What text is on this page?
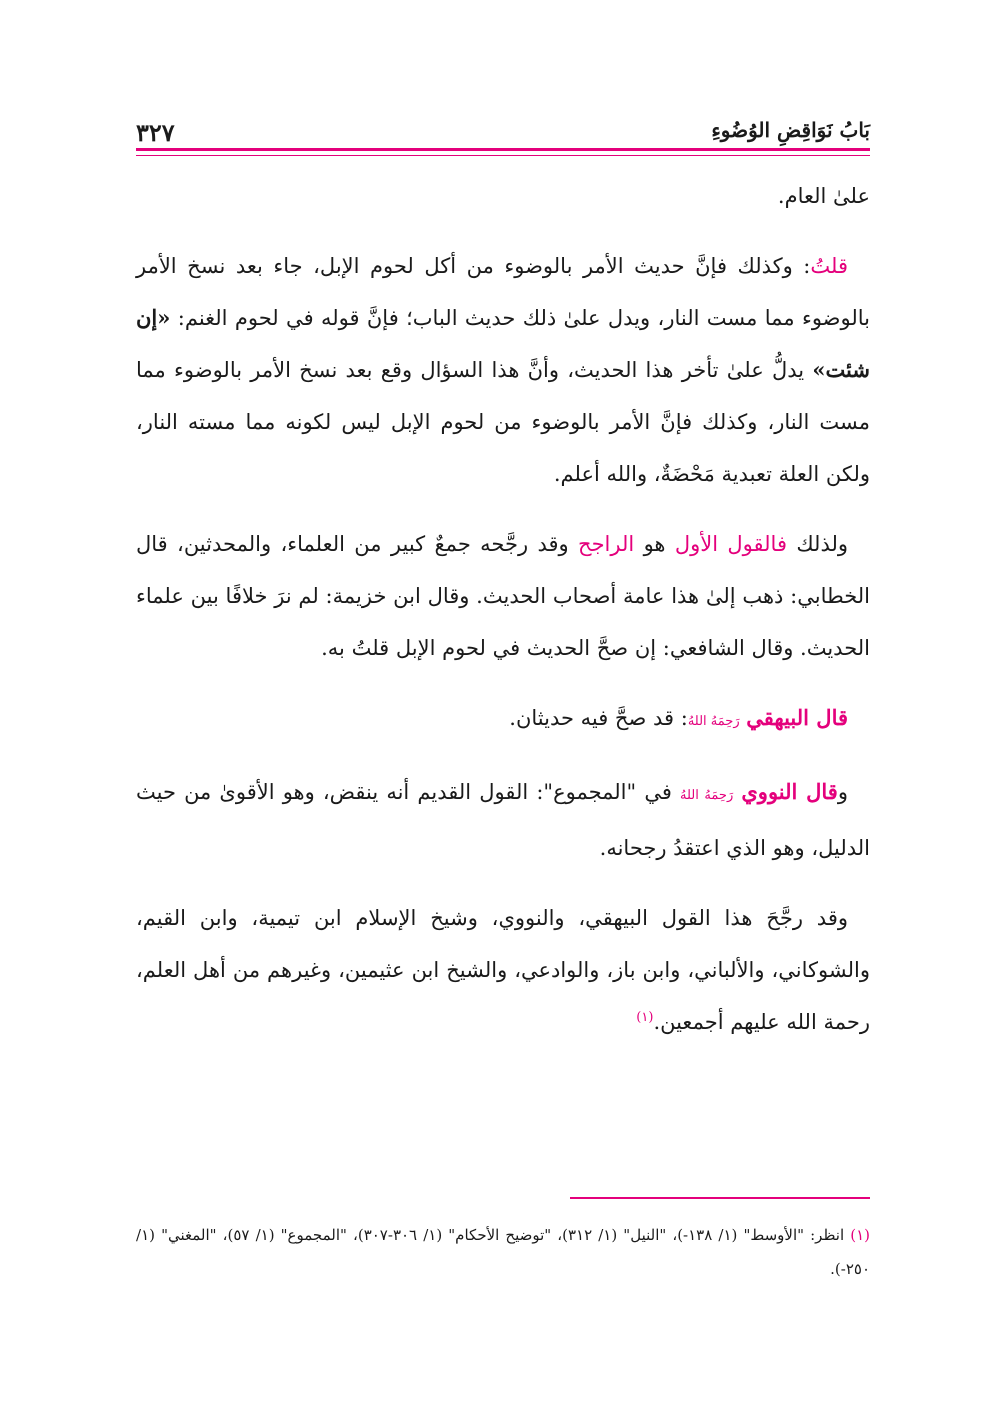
٣٢٧	بَابُ نَوَاقِضِ الوُضُوءِ

علىٰ العام.

قلتُ: وكذلك فإنَّ حديث الأمر بالوضوء من أكل لحوم الإبل، جاء بعد نسخ الأمر بالوضوء مما مست النار، ويدل علىٰ ذلك حديث الباب؛ فإنَّ قوله في لحوم الغنم: «إن شئت» يدلُّ علىٰ تأخر هذا الحديث، وأنَّ هذا السؤال وقع بعد نسخ الأمر بالوضوء مما مست النار، وكذلك فإنَّ الأمر بالوضوء من لحوم الإبل ليس لكونه مما مسته النار، ولكن العلة تعبدية مَحْضَةٌ، والله أعلم.

ولذلك فالقول الأول هو الراجح وقد رجَّحه جمعٌ كبير من العلماء، والمحدثين، قال الخطابي: ذهب إلىٰ هذا عامة أصحاب الحديث. وقال ابن خزيمة: لم نرَ خلافًا بين علماء الحديث. وقال الشافعي: إن صحَّ الحديث في لحوم الإبل قلتُ به.

قال البيهقي رَحِمَهُ اللهُ: قد صحَّ فيه حديثان.

وقال النووي رَحِمَهُ اللهُ في "المجموع": القول القديم أنه ينقض، وهو الأقوىٰ من حيث الدليل، وهو الذي اعتقدُ رجحانه.

وقد رجَّحَ هذا القول البيهقي، والنووي، وشيخ الإسلام ابن تيمية، وابن القيم، والشوكاني، والألباني، وابن باز، والوادعي، والشيخ ابن عثيمين، وغيرهم من أهل العلم، رحمة الله عليهم أجمعين.$^{(١)}$

(١) انظر: "الأوسط" (١/ ١٣٨-)، "النيل" (١/ ٣١٢)، "توضيح الأحكام" (١/ ٣٠٦-٣٠٧)، "المجموع" (١/ ٥٧)، "المغني" (١/ ٢٥٠-).
